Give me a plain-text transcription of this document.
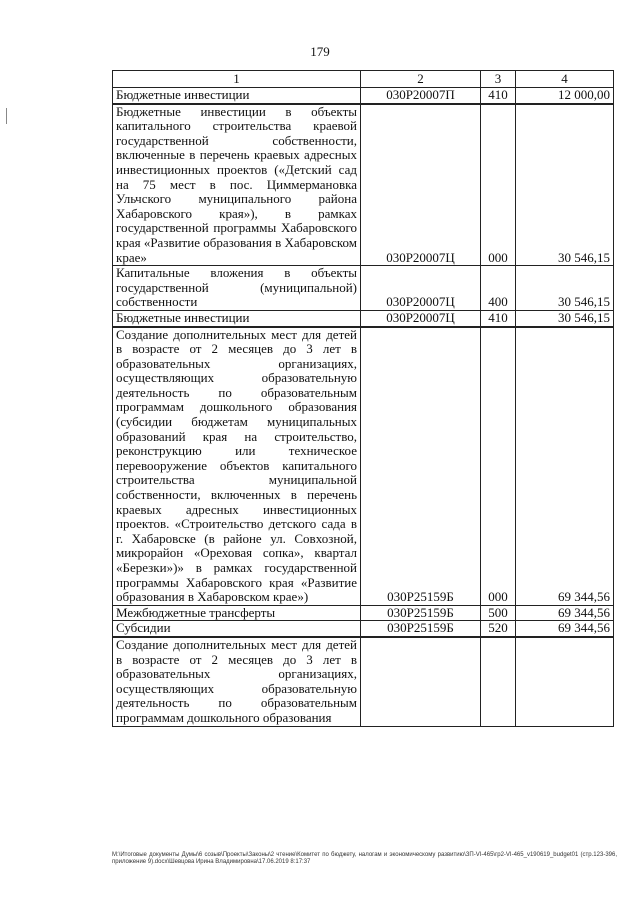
179
1	2	3	4
Бюджетные инвестиции	030Р20007П	410	12 000,00
Бюджетные инвестиции в объекты капитального строительства краевой государственной собственности, включенные в перечень краевых адресных инвестиционных проектов («Детский сад на 75 мест в пос. Циммермановка Ульчского муниципального района Хабаровского края»), в рамках государственной программы Хабаровского края «Развитие образования в Хабаровском крае»	030Р20007Ц	000	30 546,15
Капитальные вложения в объекты государственной (муниципальной) собственности	030Р20007Ц	400	30 546,15
Бюджетные инвестиции	030Р20007Ц	410	30 546,15
Создание дополнительных мест для детей в возрасте от 2 месяцев до 3 лет в образовательных организациях, осуществляющих образовательную деятельность по образовательным программам дошкольного образования (субсидии бюджетам муниципальных образований края на строительство, реконструкцию или техническое перевооружение объектов капитального строительства муниципальной собственности, включенных в перечень краевых адресных инвестиционных проектов. «Строительство детского сада в г. Хабаровске (в районе ул. Совхозной, микрорайон «Ореховая сопка», квартал «Березки»)» в рамках государственной программы Хабаровского края «Развитие образования в Хабаровском крае»)	030Р25159Б	000	69 344,56
Межбюджетные трансферты	030Р25159Б	500	69 344,56
Субсидии	030Р25159Б	520	69 344,56
Создание дополнительных мест для детей в возрасте от 2 месяцев до 3 лет в образовательных организациях, осуществляющих образовательную деятельность по образовательным программам дошкольного образования			
М:\Итоговые документы Думы\6 созыв\Проекты\Законы\2 чтение\Комитет по бюджету, налогам и экономическому развитию\ЗП-VI-465\гр2-VI-465_v190619_budget01 (стр.123-396, приложение 9).docx\Шевцова Ирина Владимировна\17.06.2019 8:17:37
